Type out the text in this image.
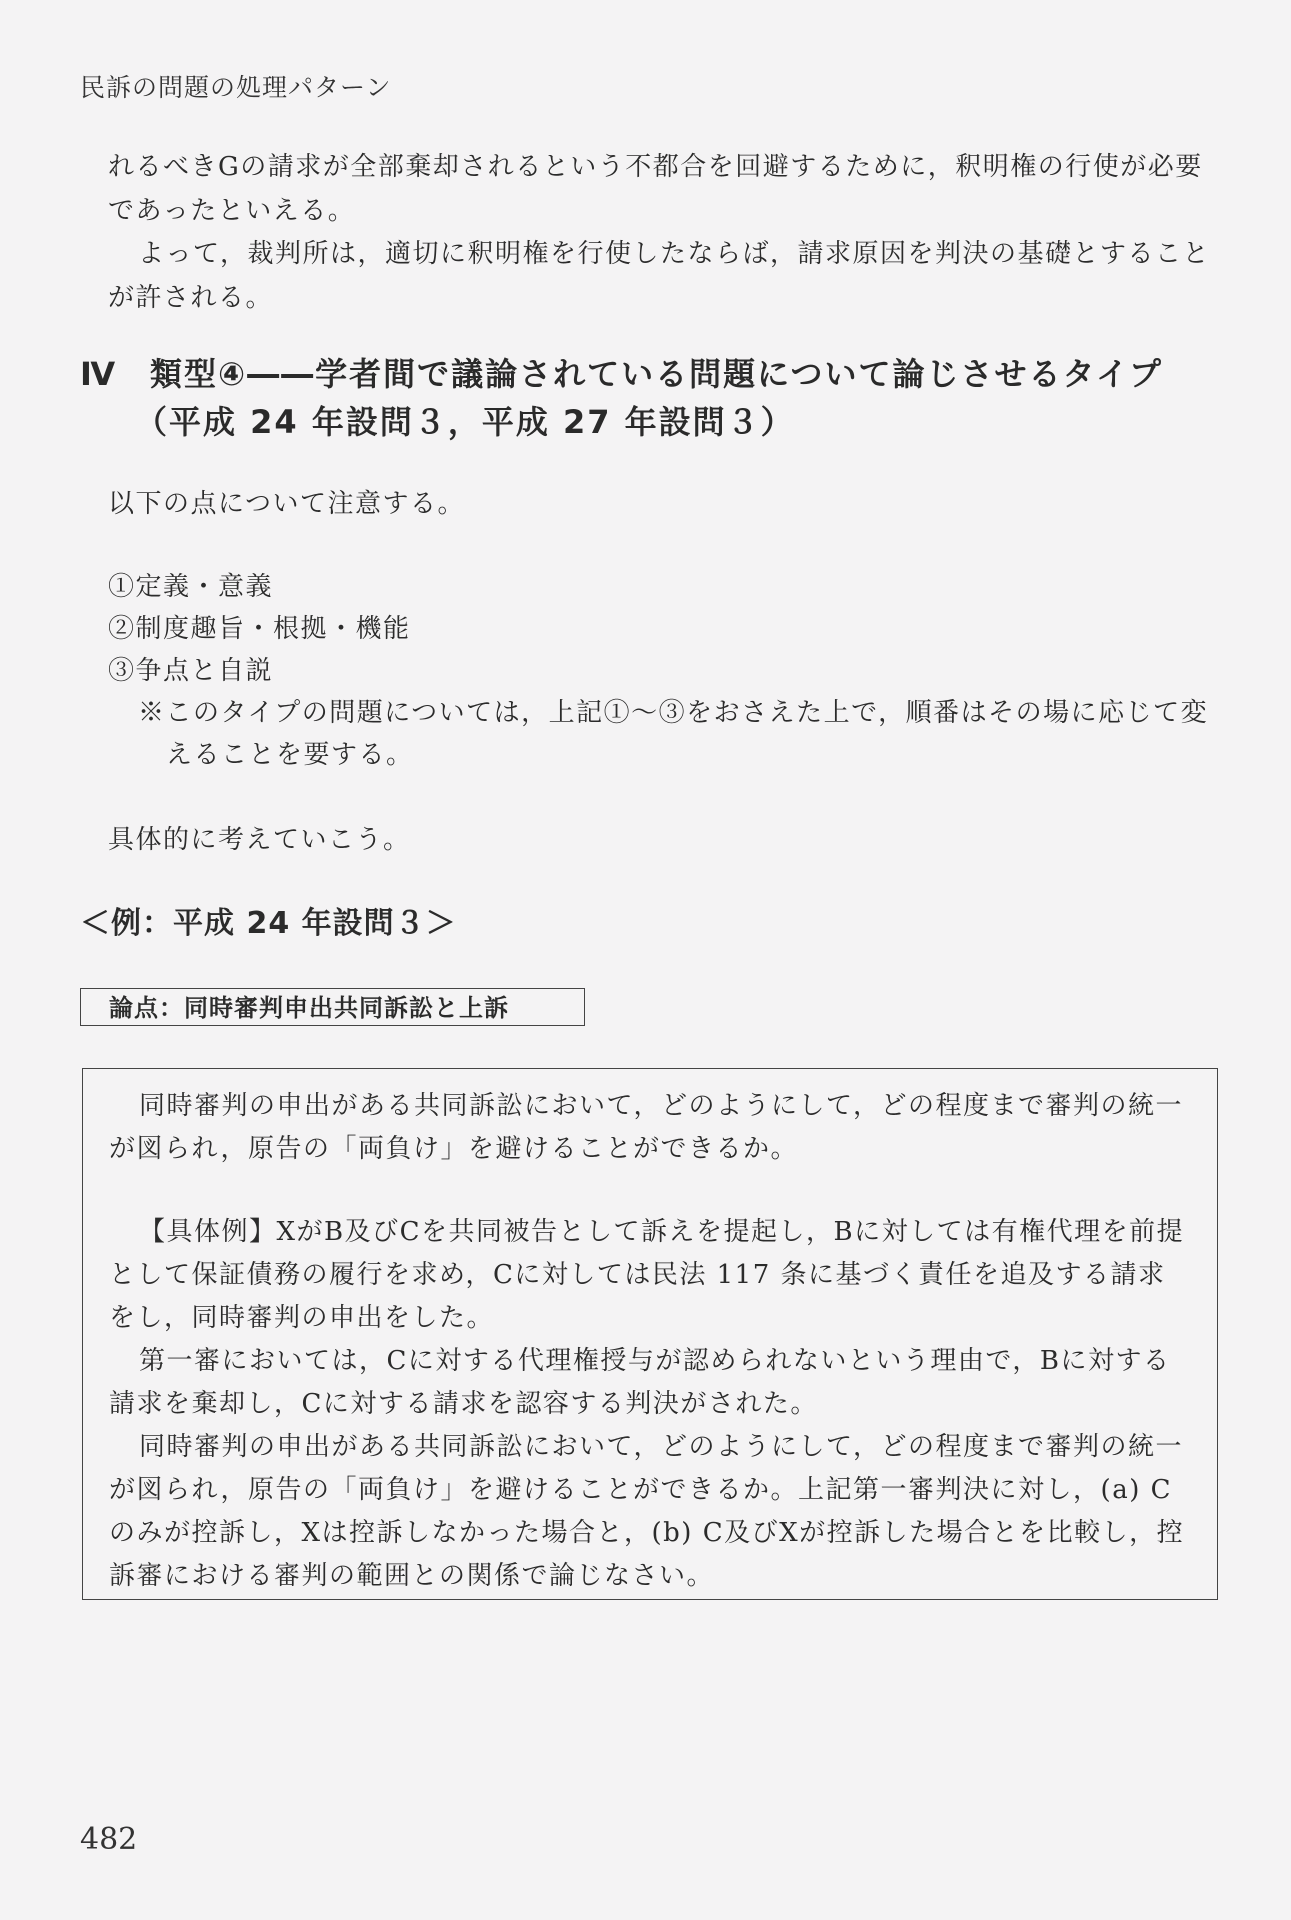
民訴の問題の処理パターン

れるべきGの請求が全部棄却されるという不都合を回避するために，釈明権の行使が必要であったといえる。

よって，裁判所は，適切に釈明権を行使したならば，請求原因を判決の基礎とすることが許される。

Ⅳ 類型④――学者間で議論されている問題について論じさせるタイプ
（平成 24 年設問３，平成 27 年設問３）

以下の点について注意する。

①定義・意義
②制度趣旨・根拠・機能
③争点と自説
※このタイプの問題については，上記①～③をおさえた上で，順番はその場に応じて変
えることを要する。

具体的に考えていこう。

＜例：平成 24 年設問３＞
論点：同時審判申出共同訴訟と上訴

同時審判の申出がある共同訴訟において，どのようにして，どの程度まで審判の統一が図られ，原告の「両負け」を避けることができるか。

【具体例】XがB及びCを共同被告として訴えを提起し，Bに対しては有権代理を前提として保証債務の履行を求め，Cに対しては民法 117 条に基づく責任を追及する請求をし，同時審判の申出をした。

第一審においては，Cに対する代理権授与が認められないという理由で，Bに対する請求を棄却し，Cに対する請求を認容する判決がされた。

同時審判の申出がある共同訴訟において，どのようにして，どの程度まで審判の統一が図られ，原告の「両負け」を避けることができるか。上記第一審判決に対し，(a) Cのみが控訴し，Xは控訴しなかった場合と，(b) C及びXが控訴した場合とを比較し，控訴審における審判の範囲との関係で論じなさい。

482
